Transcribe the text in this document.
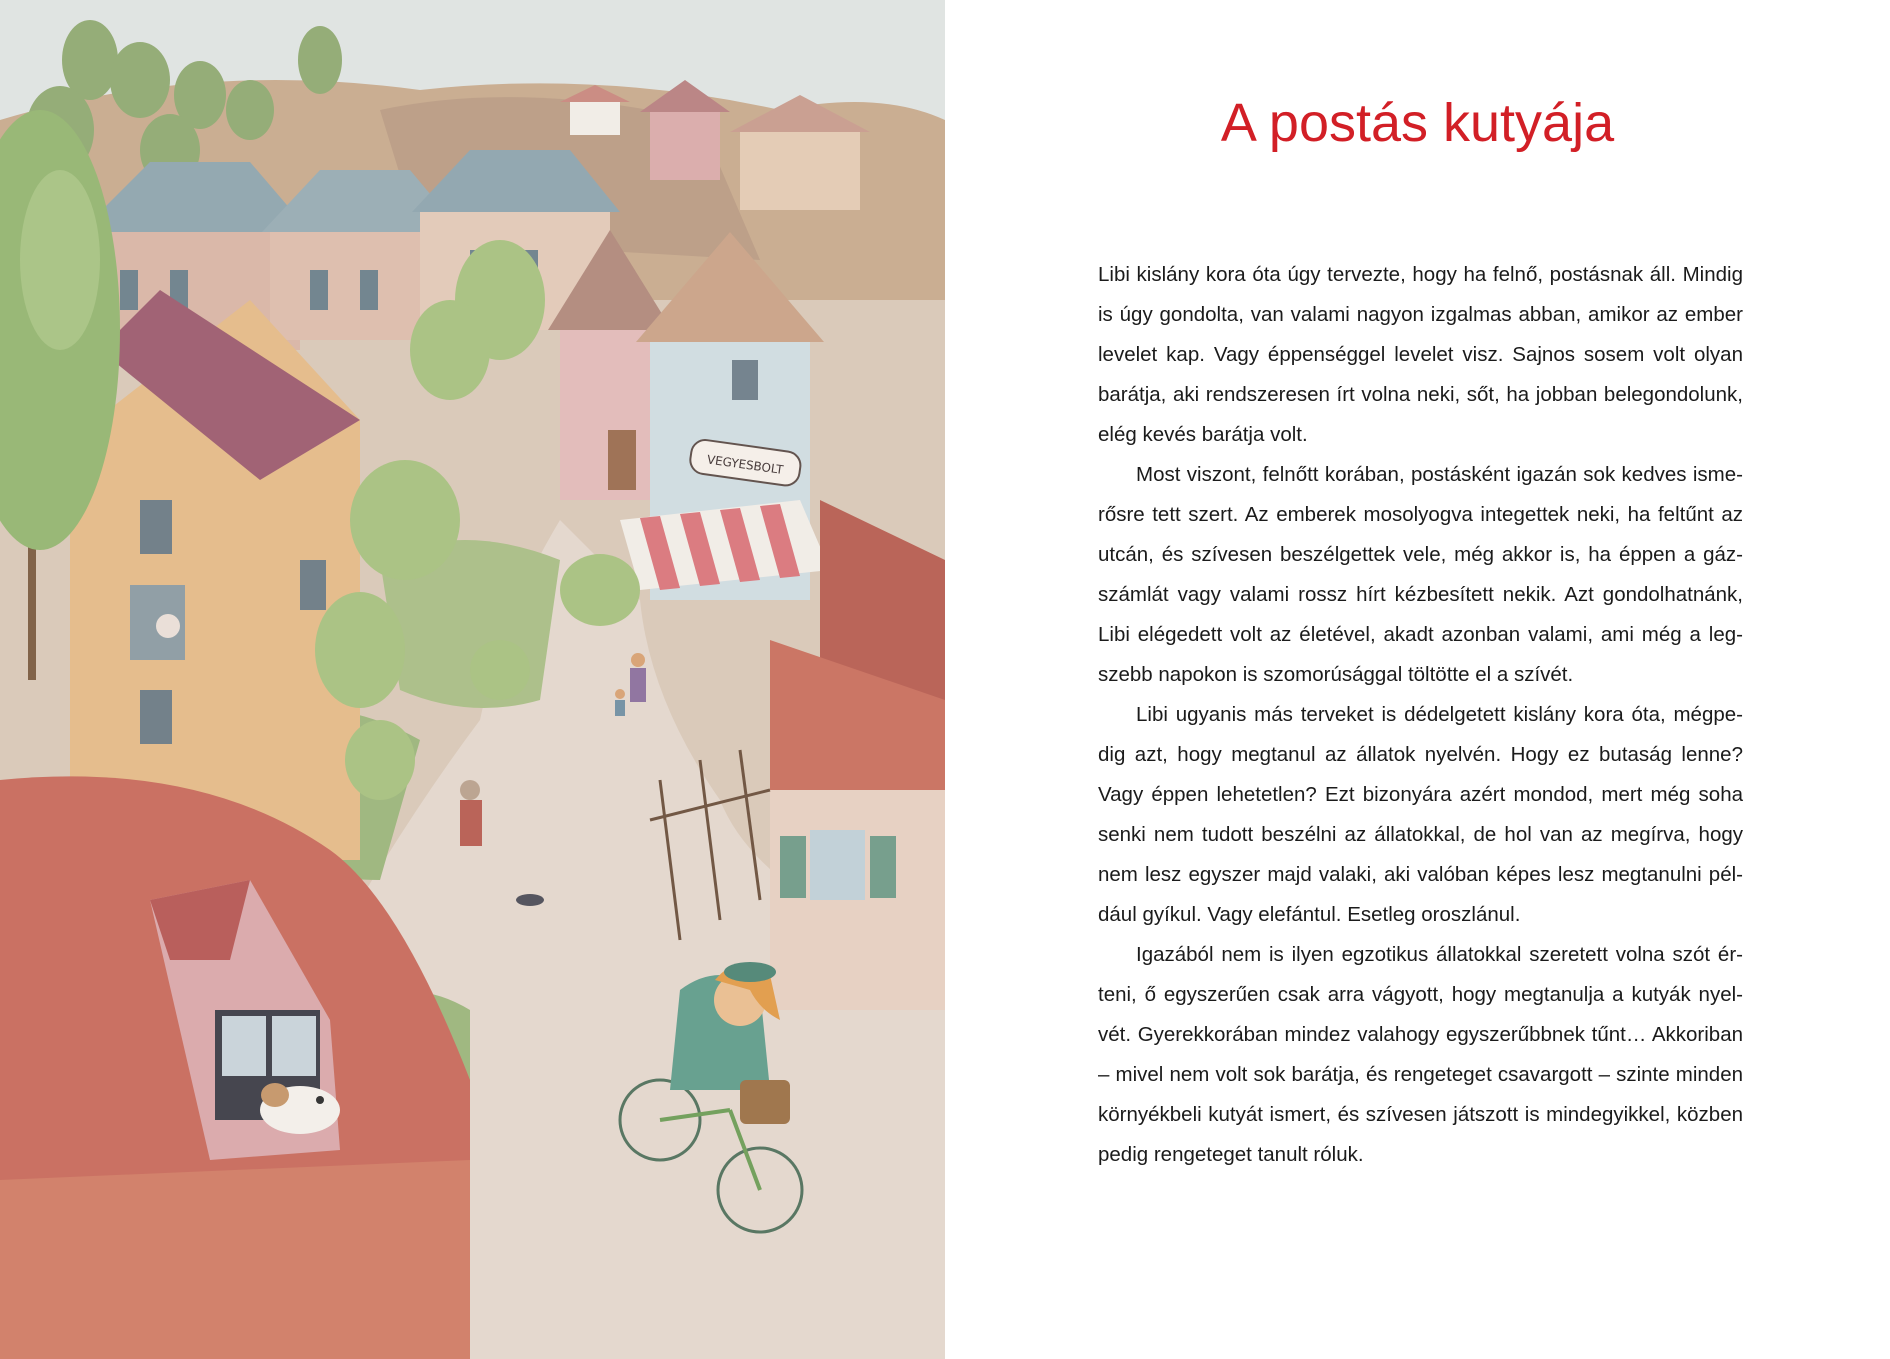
VEGYESBOLT
A postás kutyája

Libi kislány kora óta úgy tervezte, hogy ha felnő, postásnak áll. Mindig is úgy gondolta, van valami nagyon izgalmas abban, amikor az ember levelet kap. Vagy éppenséggel levelet visz. Sajnos sosem volt olyan barátja, aki rendszeresen írt volna neki, sőt, ha jobban belegondolunk, elég kevés barátja volt.

Most viszont, felnőtt korában, postásként igazán sok kedves ismerősre tett szert. Az emberek mosolyogva integettek neki, ha feltűnt az utcán, és szívesen beszélgettek vele, még akkor is, ha éppen a gázszámlát vagy valami rossz hírt kézbesített nekik. Azt gondolhatnánk, Libi elégedett volt az életével, akadt azonban valami, ami még a legszebb napokon is szomorúsággal töltötte el a szívét.

Libi ugyanis más terveket is dédelgetett kislány kora óta, mégpedig azt, hogy megtanul az állatok nyelvén. Hogy ez butaság lenne? Vagy éppen lehetetlen? Ezt bizonyára azért mondod, mert még soha senki nem tudott beszélni az állatokkal, de hol van az megírva, hogy nem lesz egyszer majd valaki, aki valóban képes lesz megtanulni például gyíkul. Vagy elefántul. Esetleg oroszlánul.

Igazából nem is ilyen egzotikus állatokkal szeretett volna szót érteni, ő egyszerűen csak arra vágyott, hogy megtanulja a kutyák nyelvét. Gyerekkorában mindez valahogy egyszerűbbnek tűnt… Akkoriban – mivel nem volt sok barátja, és rengeteget csavargott – szinte minden környékbeli kutyát ismert, és szívesen játszott is mindegyikkel, közben pedig rengeteget tanult róluk.
